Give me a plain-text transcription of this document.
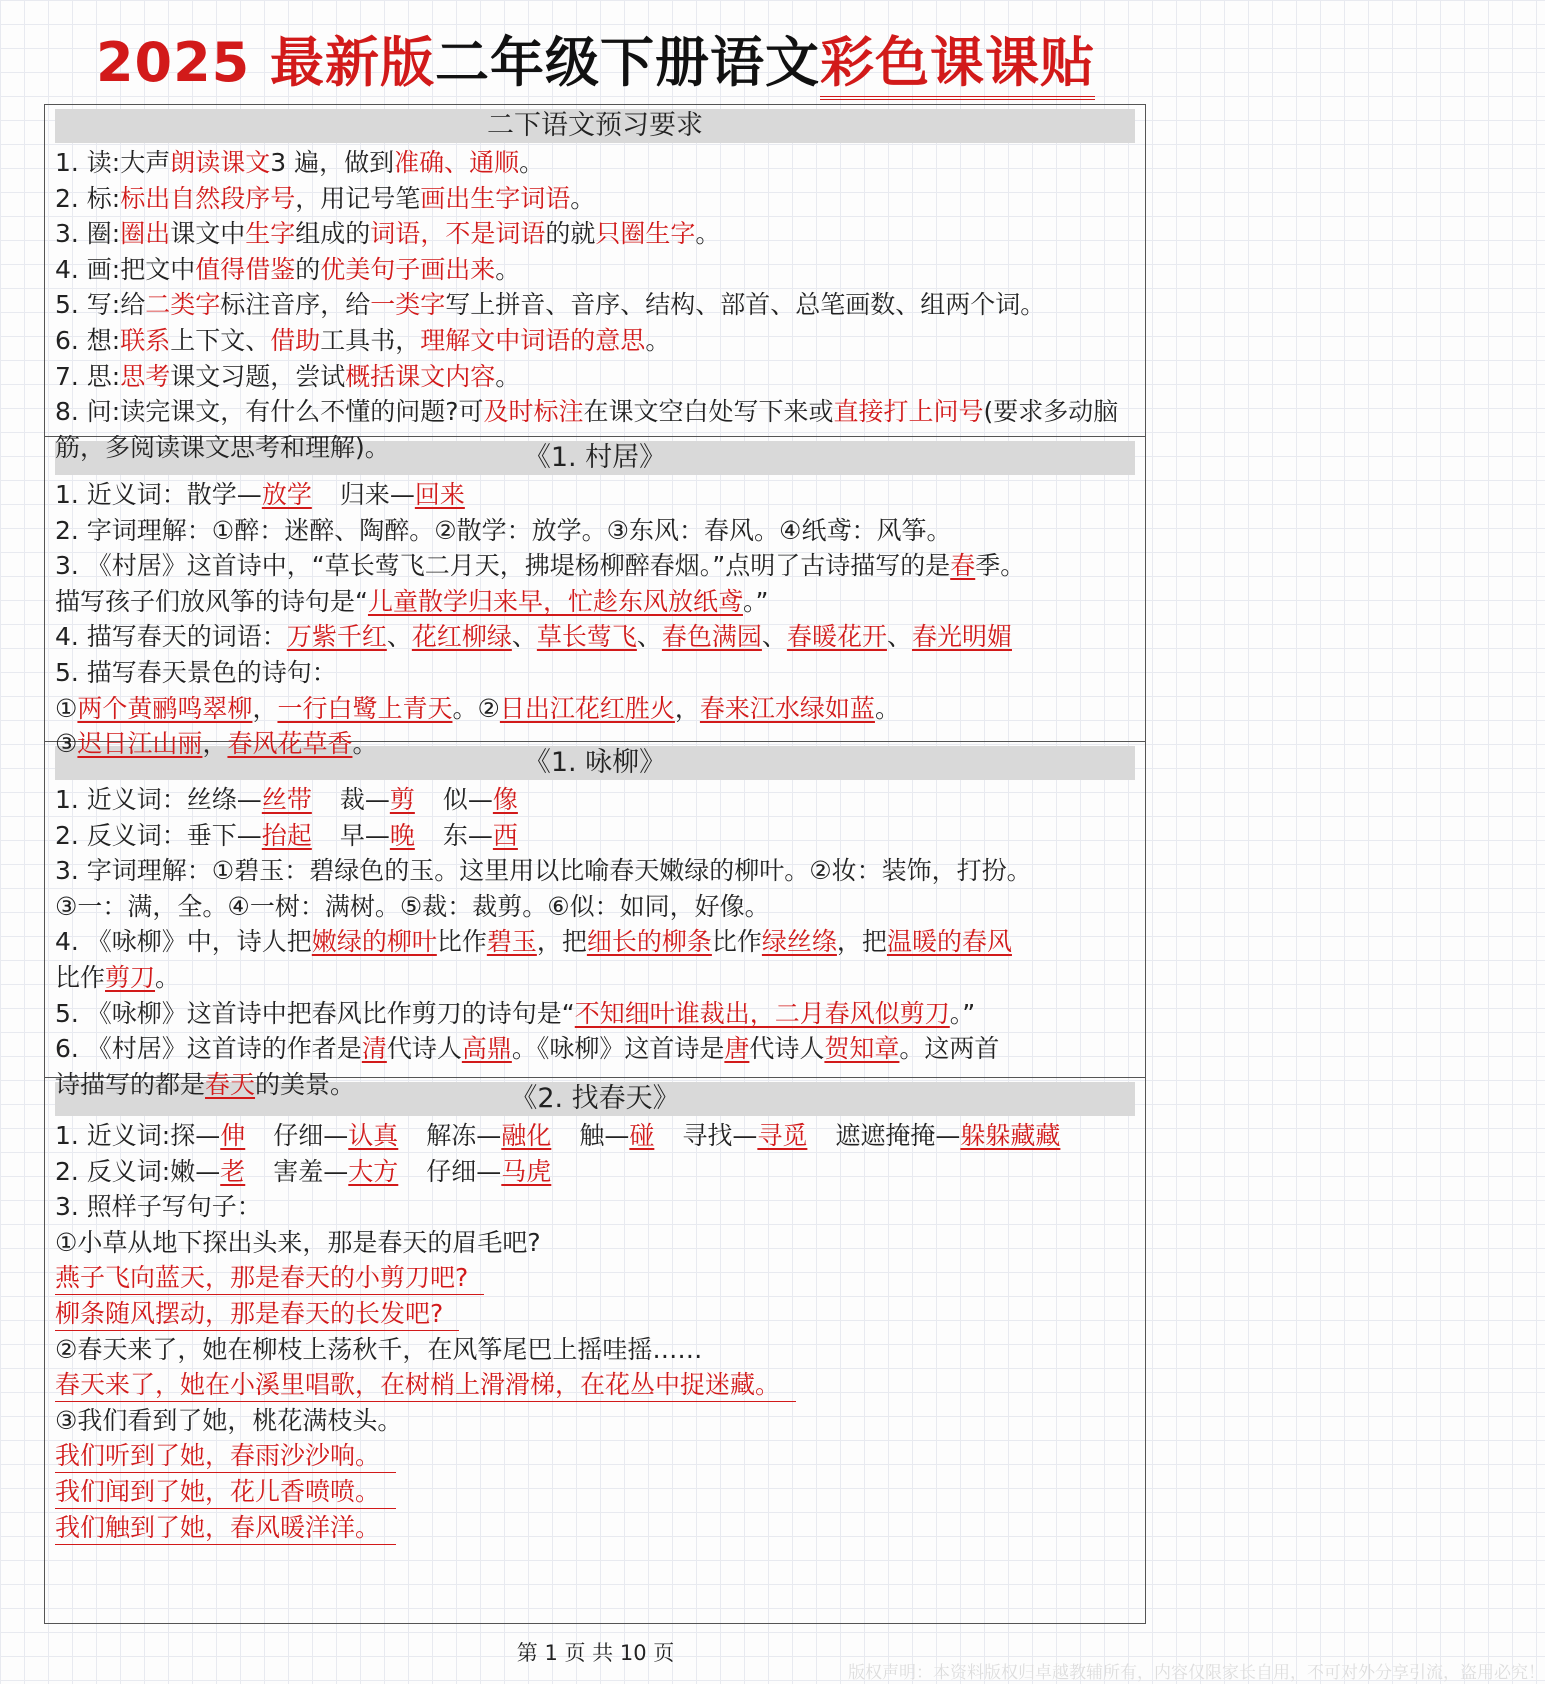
2025 最新版二年级下册语文彩色课课贴
二下语文预习要求
1. 读:大声朗读课文3 遍，做到准确、通顺。
2. 标:标出自然段序号，用记号笔画出生字词语。
3. 圈:圈出课文中生字组成的词语，不是词语的就只圈生字。
4. 画:把文中值得借鉴的优美句子画出来。
5. 写:给二类字标注音序，给一类字写上拼音、音序、结构、部首、总笔画数、组两个词。
6. 想:联系上下文、借助工具书，理解文中词语的意思。
7. 思:思考课文习题，尝试概括课文内容。
8. 问:读完课文，有什么不懂的问题?可及时标注在课文空白处写下来或直接打上问号(要求多动脑筋，多阅读课文思考和理解)。	《1. 村居》
1. 近义词：散学—放学 归来—回来
2. 字词理解：①醉：迷醉、陶醉。②散学：放学。③东风：春风。④纸鸢：风筝。
3. 《村居》这首诗中，“草长莺飞二月天，拂堤杨柳醉春烟。”点明了古诗描写的是春季。
描写孩子们放风筝的诗句是“儿童散学归来早，忙趁东风放纸鸢。”
4. 描写春天的词语：万紫千红、花红柳绿、草长莺飞、春色满园、春暖花开、春光明媚
5. 描写春天景色的诗句：
①两个黄鹂鸣翠柳，一行白鹭上青天。②日出江花红胜火，春来江水绿如蓝。
③迟日江山丽，春风花草香。
《1. 咏柳》
1. 近义词：丝绦—丝带 裁—剪 似—像
2. 反义词：垂下—抬起 早—晚 东—西
3. 字词理解：①碧玉：碧绿色的玉。这里用以比喻春天嫩绿的柳叶。②妆：装饰，打扮。
③一：满，全。④一树：满树。⑤裁：裁剪。⑥似：如同，好像。
4. 《咏柳》中，诗人把嫩绿的柳叶比作碧玉，把细长的柳条比作绿丝绦，把温暖的春风
比作剪刀。
5. 《咏柳》这首诗中把春风比作剪刀的诗句是“不知细叶谁裁出，二月春风似剪刀。”
6. 《村居》这首诗的作者是清代诗人高鼎。《咏柳》这首诗是唐代诗人贺知章。这两首
诗描写的都是春天的美景。	《2. 找春天》
1. 近义词:探—伸 仔细—认真 解冻—融化 触—碰 寻找—寻觅 遮遮掩掩—躲躲藏藏
2. 反义词:嫩—老 害羞—大方 仔细—马虎
3. 照样子写句子：
①小草从地下探出头来，那是春天的眉毛吧?
燕子飞向蓝天，那是春天的小剪刀吧?
柳条随风摆动，那是春天的长发吧?
②春天来了，她在柳枝上荡秋千，在风筝尾巴上摇哇摇……
春天来了，她在小溪里唱歌，在树梢上滑滑梯，在花丛中捉迷藏。
③我们看到了她，桃花满枝头。
我们听到了她，春雨沙沙响。
我们闻到了她，花儿香喷喷。
我们触到了她，春风暖洋洋。
第 1 页 共 10 页
版权声明：本资料版权归卓越教辅所有，内容仅限家长自用，不可对外分享引流，盗用必究！
